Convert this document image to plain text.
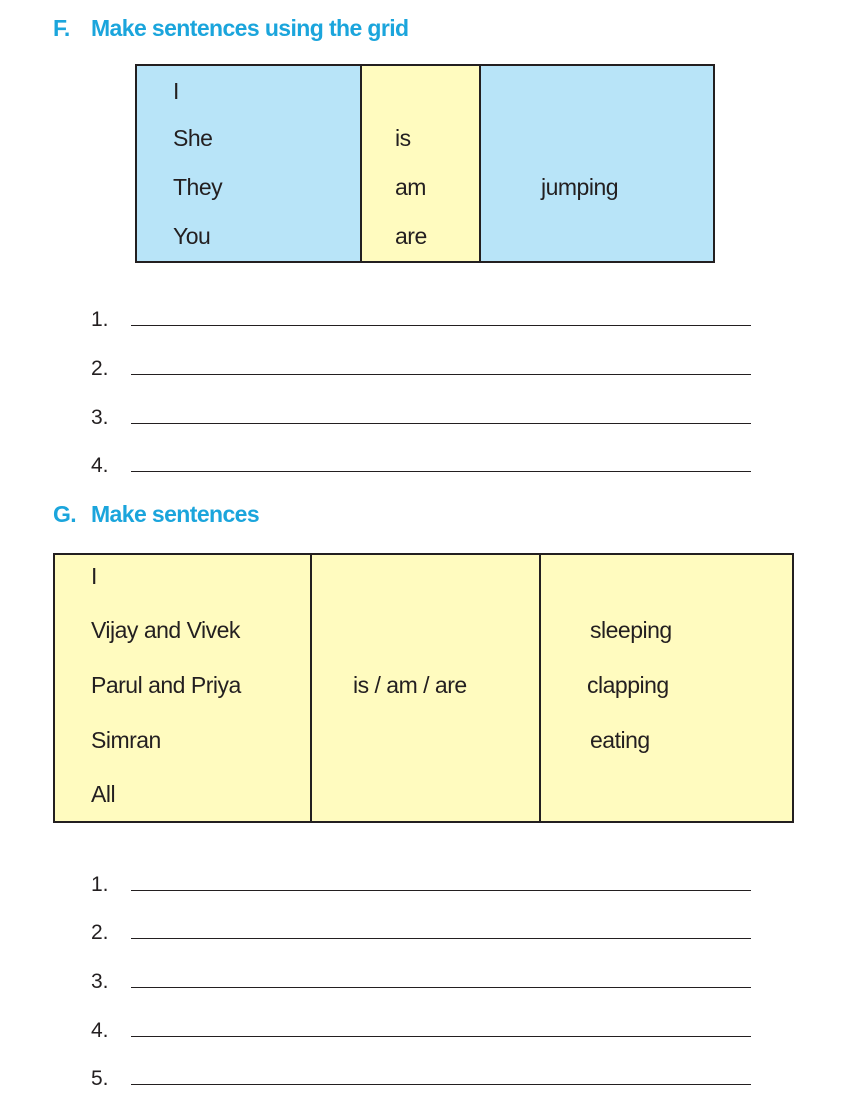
F. Make sentences using the grid
I
She
They
You
is
am
are
jumping
1.
2.
3.
4.
G. Make sentences
I
Vijay and Vivek
Parul and Priya
Simran
All
is / am / are
sleeping
clapping
eating
1.
2.
3.
4.
5.
